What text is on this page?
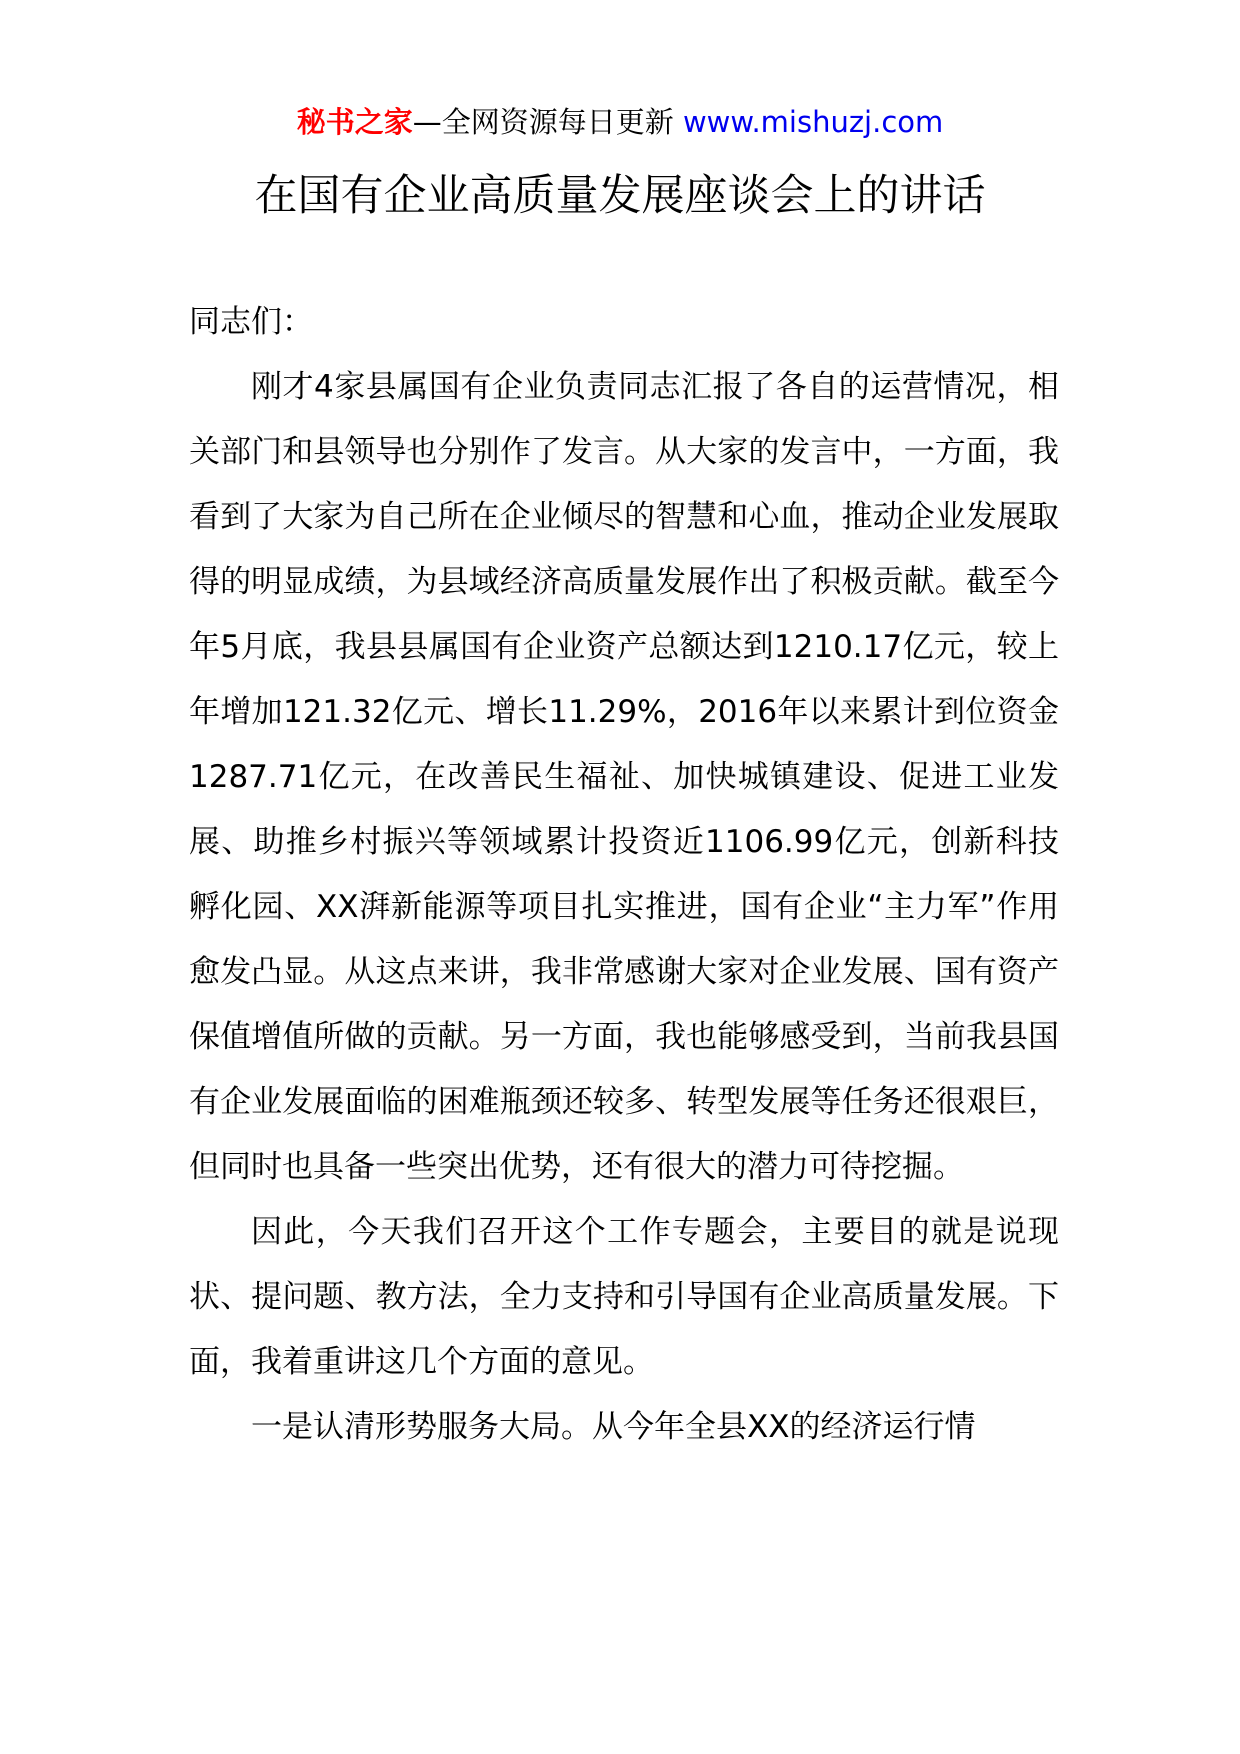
秘书之家—全网资源每日更新 www.mishuzj.com
在国有企业高质量发展座谈会上的讲话

同志们：

刚才4家县属国有企业负责同志汇报了各自的运营情况，相关部门和县领导也分别作了发言。从大家的发言中，一方面，我看到了大家为自己所在企业倾尽的智慧和心血，推动企业发展取得的明显成绩，为县域经济高质量发展作出了积极贡献。截至今年5月底，我县县属国有企业资产总额达到1210.17亿元，较上年增加121.32亿元、增长11.29%，2016年以来累计到位资金1287.71亿元，在改善民生福祉、加快城镇建设、促进工业发展、助推乡村振兴等领域累计投资近1106.99亿元，创新科技孵化园、XX湃新能源等项目扎实推进，国有企业“主力军”作用愈发凸显。从这点来讲，我非常感谢大家对企业发展、国有资产保值增值所做的贡献。另一方面，我也能够感受到，当前我县国有企业发展面临的困难瓶颈还较多、转型发展等任务还很艰巨，但同时也具备一些突出优势，还有很大的潜力可待挖掘。

因此，今天我们召开这个工作专题会，主要目的就是说现状、提问题、教方法，全力支持和引导国有企业高质量发展。下面，我着重讲这几个方面的意见。

一是认清形势服务大局。从今年全县XX的经济运行情
